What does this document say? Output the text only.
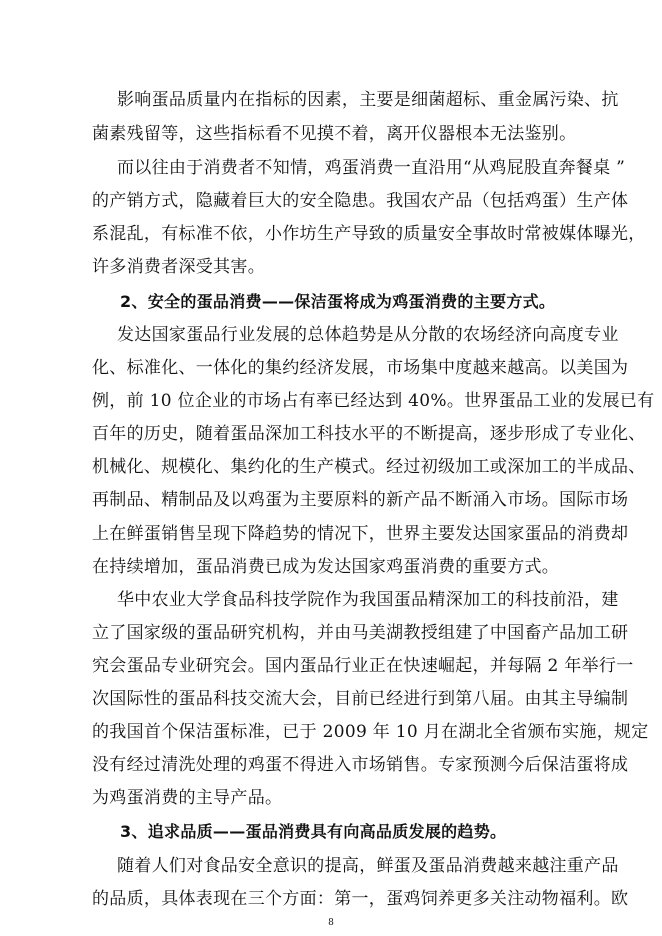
影响蛋品质量内在指标的因素，主要是细菌超标、重金属污染、抗
菌素残留等，这些指标看不见摸不着，离开仪器根本无法鉴别。
而以往由于消费者不知情，鸡蛋消费一直沿用“从鸡屁股直奔餐桌 ”
的产销方式，隐藏着巨大的安全隐患。我国农产品（包括鸡蛋）生产体
系混乱，有标准不依，小作坊生产导致的质量安全事故时常被媒体曝光，
许多消费者深受其害。
2、安全的蛋品消费——保洁蛋将成为鸡蛋消费的主要方式。
发达国家蛋品行业发展的总体趋势是从分散的农场经济向高度专业
化、标准化、一体化的集约经济发展，市场集中度越来越高。以美国为
例，前 10 位企业的市场占有率已经达到 40%。世界蛋品工业的发展已有
百年的历史，随着蛋品深加工科技水平的不断提高，逐步形成了专业化、
机械化、规模化、集约化的生产模式。经过初级加工或深加工的半成品、
再制品、精制品及以鸡蛋为主要原料的新产品不断涌入市场。国际市场
上在鲜蛋销售呈现下降趋势的情况下，世界主要发达国家蛋品的消费却
在持续增加，蛋品消费已成为发达国家鸡蛋消费的重要方式。
华中农业大学食品科技学院作为我国蛋品精深加工的科技前沿，建
立了国家级的蛋品研究机构，并由马美湖教授组建了中国畜产品加工研
究会蛋品专业研究会。国内蛋品行业正在快速崛起，并每隔 2 年举行一
次国际性的蛋品科技交流大会，目前已经进行到第八届。由其主导编制
的我国首个保洁蛋标准，已于 2009 年 10 月在湖北全省颁布实施，规定
没有经过清洗处理的鸡蛋不得进入市场销售。专家预测今后保洁蛋将成
为鸡蛋消费的主导产品。
3、追求品质——蛋品消费具有向高品质发展的趋势。
随着人们对食品安全意识的提高，鲜蛋及蛋品消费越来越注重产品
的品质，具体表现在三个方面：第一，蛋鸡饲养更多关注动物福利。欧
8
